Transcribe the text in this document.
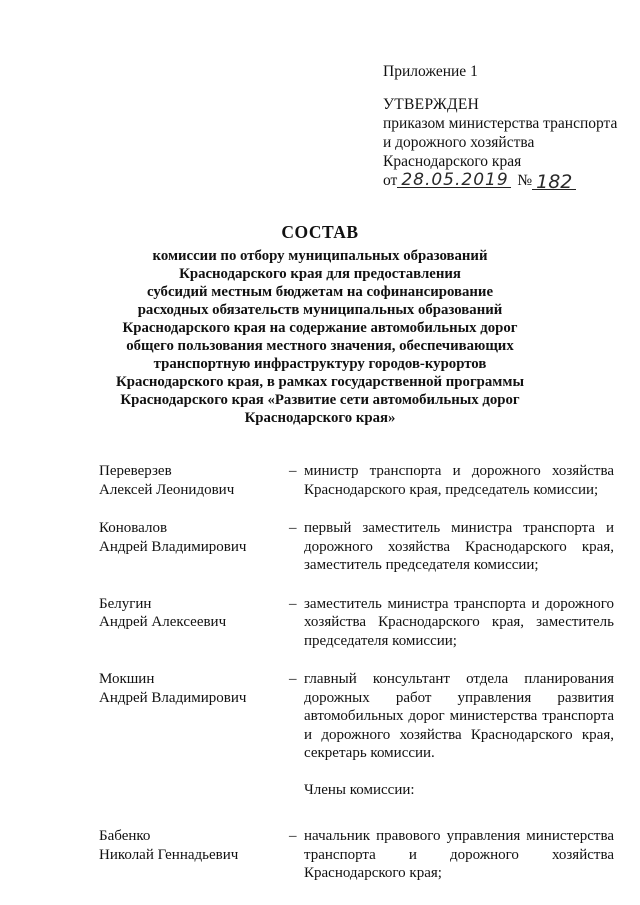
Приложение 1

УТВЕРЖДЕН

приказом министерства транспорта

и дорожного хозяйства

Краснодарского края

от 28.05.2019 № 182
СОСТАВ

комиссии по отбору муниципальных образований

Краснодарского края для предоставления

субсидий местным бюджетам на софинансирование

расходных обязательств муниципальных образований

Краснодарского края на содержание автомобильных дорог

общего пользования местного значения, обеспечивающих

транспортную инфраструктуру городов-курортов

Краснодарского края, в рамках государственной программы

Краснодарского края «Развитие сети автомобильных дорог

Краснодарского края»

Переверзев
Алексей Леонидович
– министр транспорта и дорожного хозяйства Краснодарского края, председатель комиссии;
Коновалов
Андрей Владимирович
– первый заместитель министра транспорта и дорожного хозяйства Краснодарского края, заместитель председателя комиссии;
Белугин
Андрей Алексеевич
– заместитель министра транспорта и дорожного хозяйства Краснодарского края, заместитель председателя комиссии;
Мокшин
Андрей Владимирович
– главный консультант отдела планирования дорожных работ управления развития автомобильных дорог министерства транспорта и дорожного хозяйства Краснодарского края, секретарь комиссии.
Члены комиссии:
Бабенко
Николай Геннадьевич
– начальник правового управления министерства транспорта и дорожного хозяйства Краснодарского края;
